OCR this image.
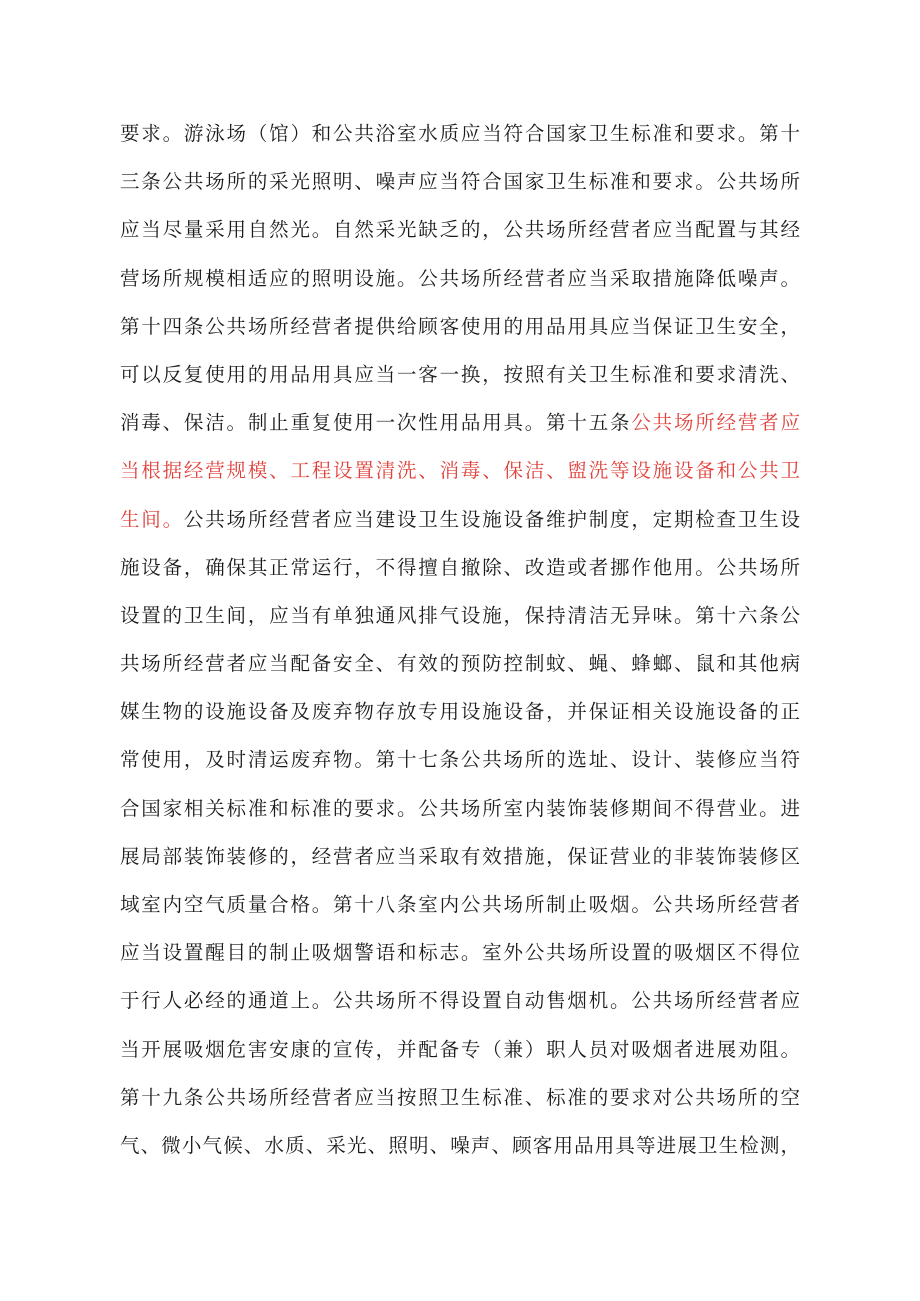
要求。游泳场（馆）和公共浴室水质应当符合国家卫生标准和要求。第十
三条公共场所的采光照明、噪声应当符合国家卫生标准和要求。公共场所
应当尽量采用自然光。自然采光缺乏的，公共场所经营者应当配置与其经
营场所规模相适应的照明设施。公共场所经营者应当采取措施降低噪声。
第十四条公共场所经营者提供给顾客使用的用品用具应当保证卫生安全，
可以反复使用的用品用具应当一客一换，按照有关卫生标准和要求清洗、
消毒、保洁。制止重复使用一次性用品用具。第十五条公共场所经营者应
当根据经营规模、工程设置清洗、消毒、保洁、盥洗等设施设备和公共卫
生间。公共场所经营者应当建设卫生设施设备维护制度，定期检查卫生设
施设备，确保其正常运行，不得擅自撤除、改造或者挪作他用。公共场所
设置的卫生间，应当有单独通风排气设施，保持清洁无异味。第十六条公
共场所经营者应当配备安全、有效的预防控制蚊、蝇、蜂螂、鼠和其他病
媒生物的设施设备及废弃物存放专用设施设备，并保证相关设施设备的正
常使用，及时清运废弃物。第十七条公共场所的选址、设计、装修应当符
合国家相关标准和标准的要求。公共场所室内装饰装修期间不得营业。进
展局部装饰装修的，经营者应当采取有效措施，保证营业的非装饰装修区
域室内空气质量合格。第十八条室内公共场所制止吸烟。公共场所经营者
应当设置醒目的制止吸烟警语和标志。室外公共场所设置的吸烟区不得位
于行人必经的通道上。公共场所不得设置自动售烟机。公共场所经营者应
当开展吸烟危害安康的宣传，并配备专（兼）职人员对吸烟者进展劝阻。
第十九条公共场所经营者应当按照卫生标准、标准的要求对公共场所的空
气、微小气候、水质、采光、照明、噪声、顾客用品用具等进展卫生检测，
